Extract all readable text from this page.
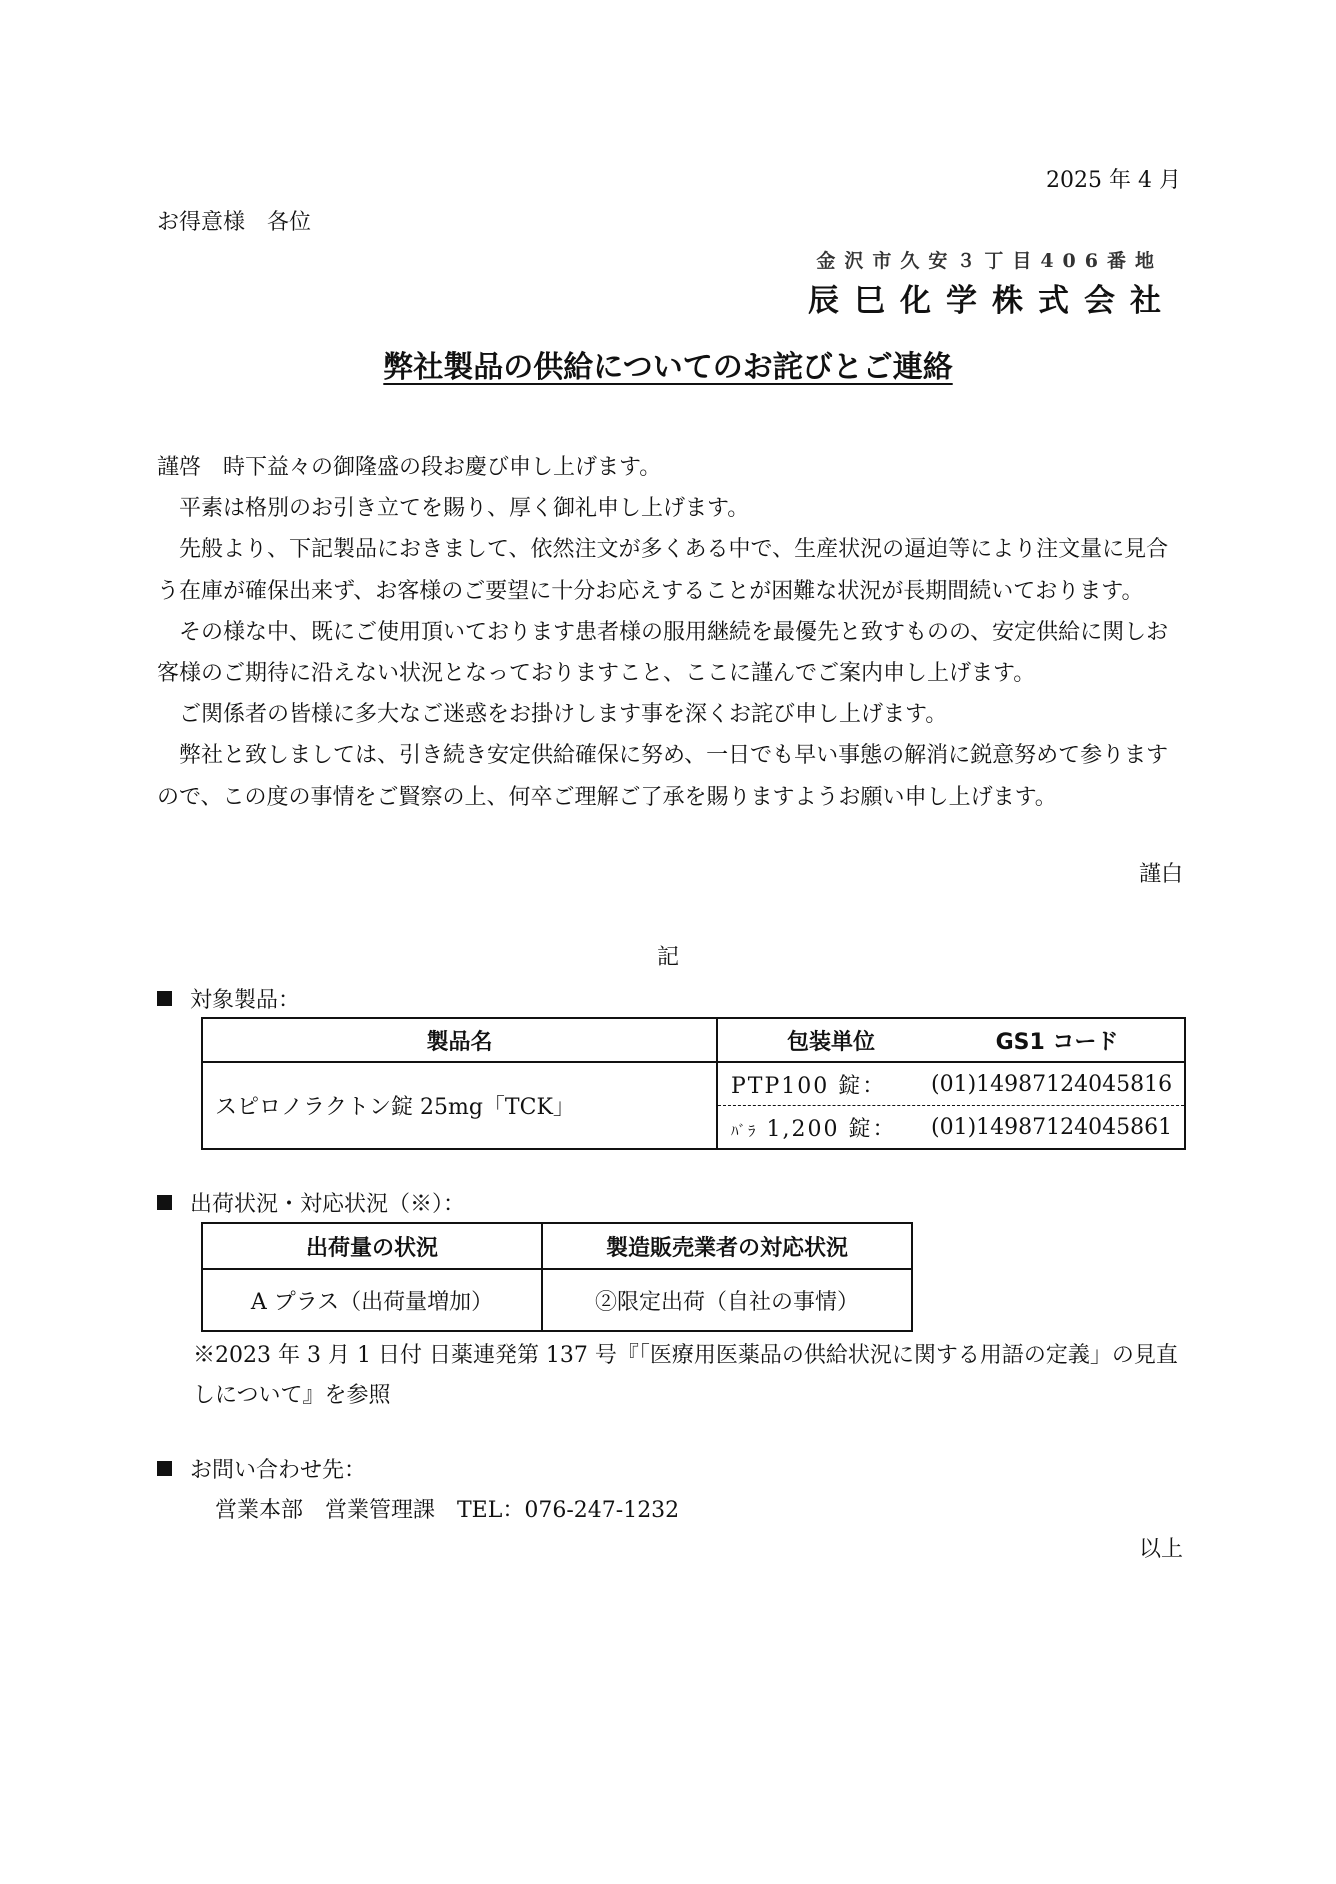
2025 年 4 月
お得意様　各位
金沢市久安３丁目406番地
辰巳化学株式会社
弊社製品の供給についてのお詫びとご連絡

謹啓　時下益々の御隆盛の段お慶び申し上げます。

　平素は格別のお引き立てを賜り、厚く御礼申し上げます。

　先般より、下記製品におきまして、依然注文が多くある中で、生産状況の逼迫等により注文量に見合う在庫が確保出来ず、お客様のご要望に十分お応えすることが困難な状況が長期間続いております。

　その様な中、既にご使用頂いております患者様の服用継続を最優先と致すものの、安定供給に関しお客様のご期待に沿えない状況となっておりますこと、ここに謹んでご案内申し上げます。

　ご関係者の皆様に多大なご迷惑をお掛けします事を深くお詫び申し上げます。

　弊社と致しましては、引き続き安定供給確保に努め、一日でも早い事態の解消に鋭意努めて参りますので、この度の事情をご賢察の上、何卒ご理解ご了承を賜りますようお願い申し上げます。

謹白
記
対象製品：
製品名	包装単位 GS1 コード

スピロノラクトン錠 25mg「TCK」	PTP100 錠： (01)14987124045816

	ﾊﾞﾗ 1,200 錠： (01)14987124045861
出荷状況・対応状況（※）：
出荷量の状況	製造販売業者の対応状況
A プラス（出荷量増加）	②限定出荷（自社の事情）
※2023 年 3 月 1 日付 日薬連発第 137 号『「医療用医薬品の供給状況に関する用語の定義」の見直しについて』を参照
お問い合わせ先：
営業本部　営業管理課　TEL：076-247-1232
以上
